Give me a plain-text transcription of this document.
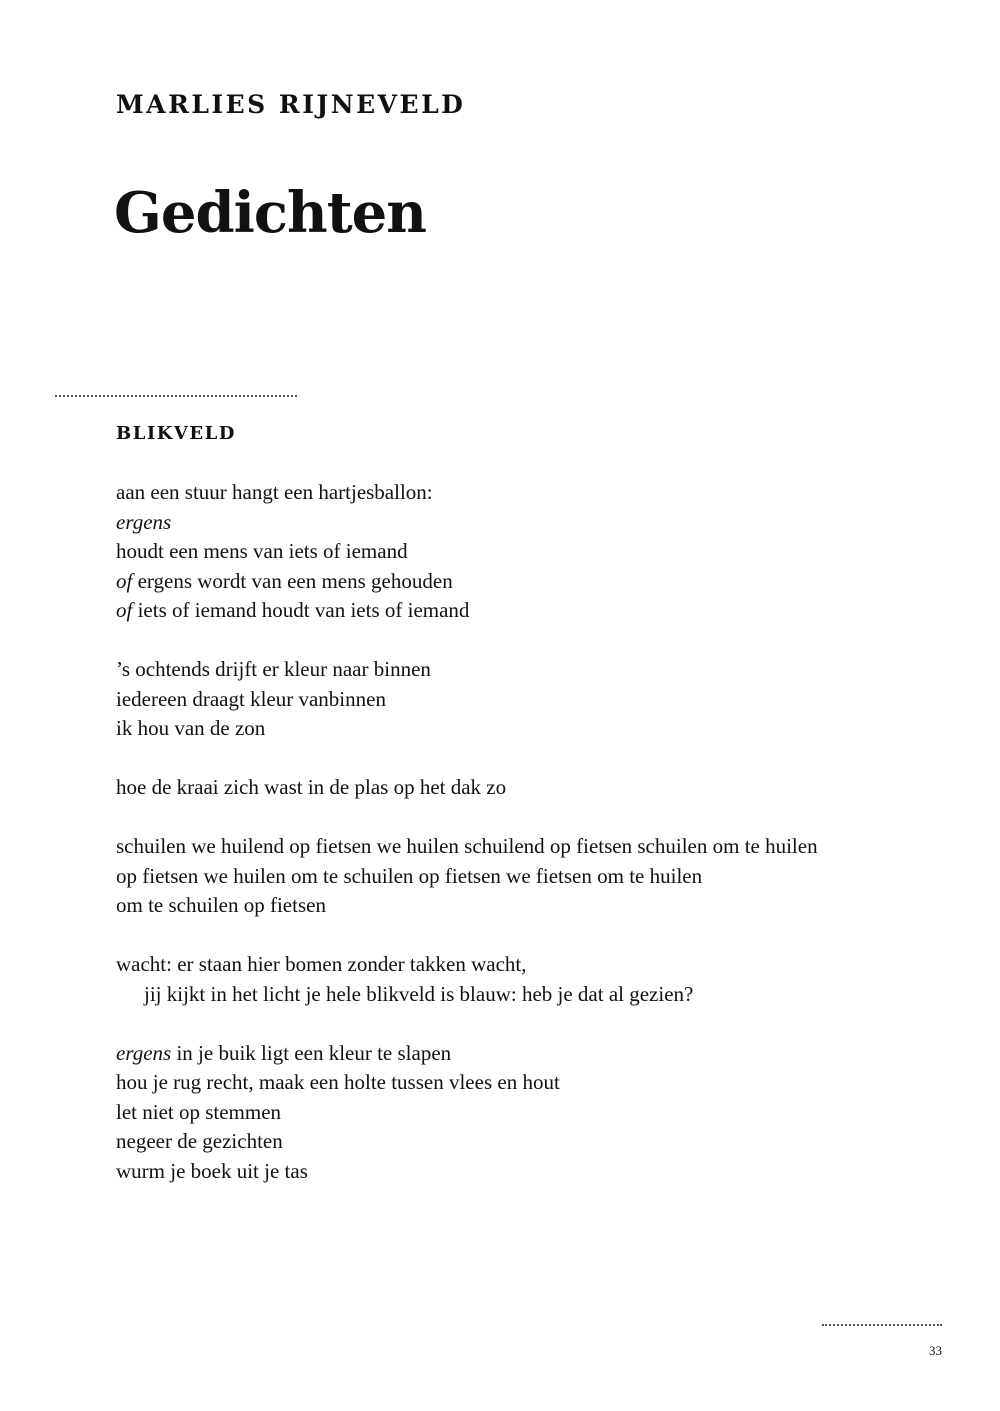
MARLIES RIJNEVELD
Gedichten
BLIKVELD
aan een stuur hangt een hartjesballon:
ergens
houdt een mens van iets of iemand
of ergens wordt van een mens gehouden
of iets of iemand houdt van iets of iemand
’s ochtends drijft er kleur naar binnen
iedereen draagt kleur vanbinnen
ik hou van de zon
hoe de kraai zich wast in de plas op het dak zo
schuilen we huilend op fietsen we huilen schuilend op fietsen schuilen om te huilen
op fietsen we huilen om te schuilen op fietsen we fietsen om te huilen
om te schuilen op fietsen
wacht: er staan hier bomen zonder takken wacht,
jij kijkt in het licht je hele blikveld is blauw: heb je dat al gezien?
ergens in je buik ligt een kleur te slapen
hou je rug recht, maak een holte tussen vlees en hout
let niet op stemmen
negeer de gezichten
wurm je boek uit je tas
33
